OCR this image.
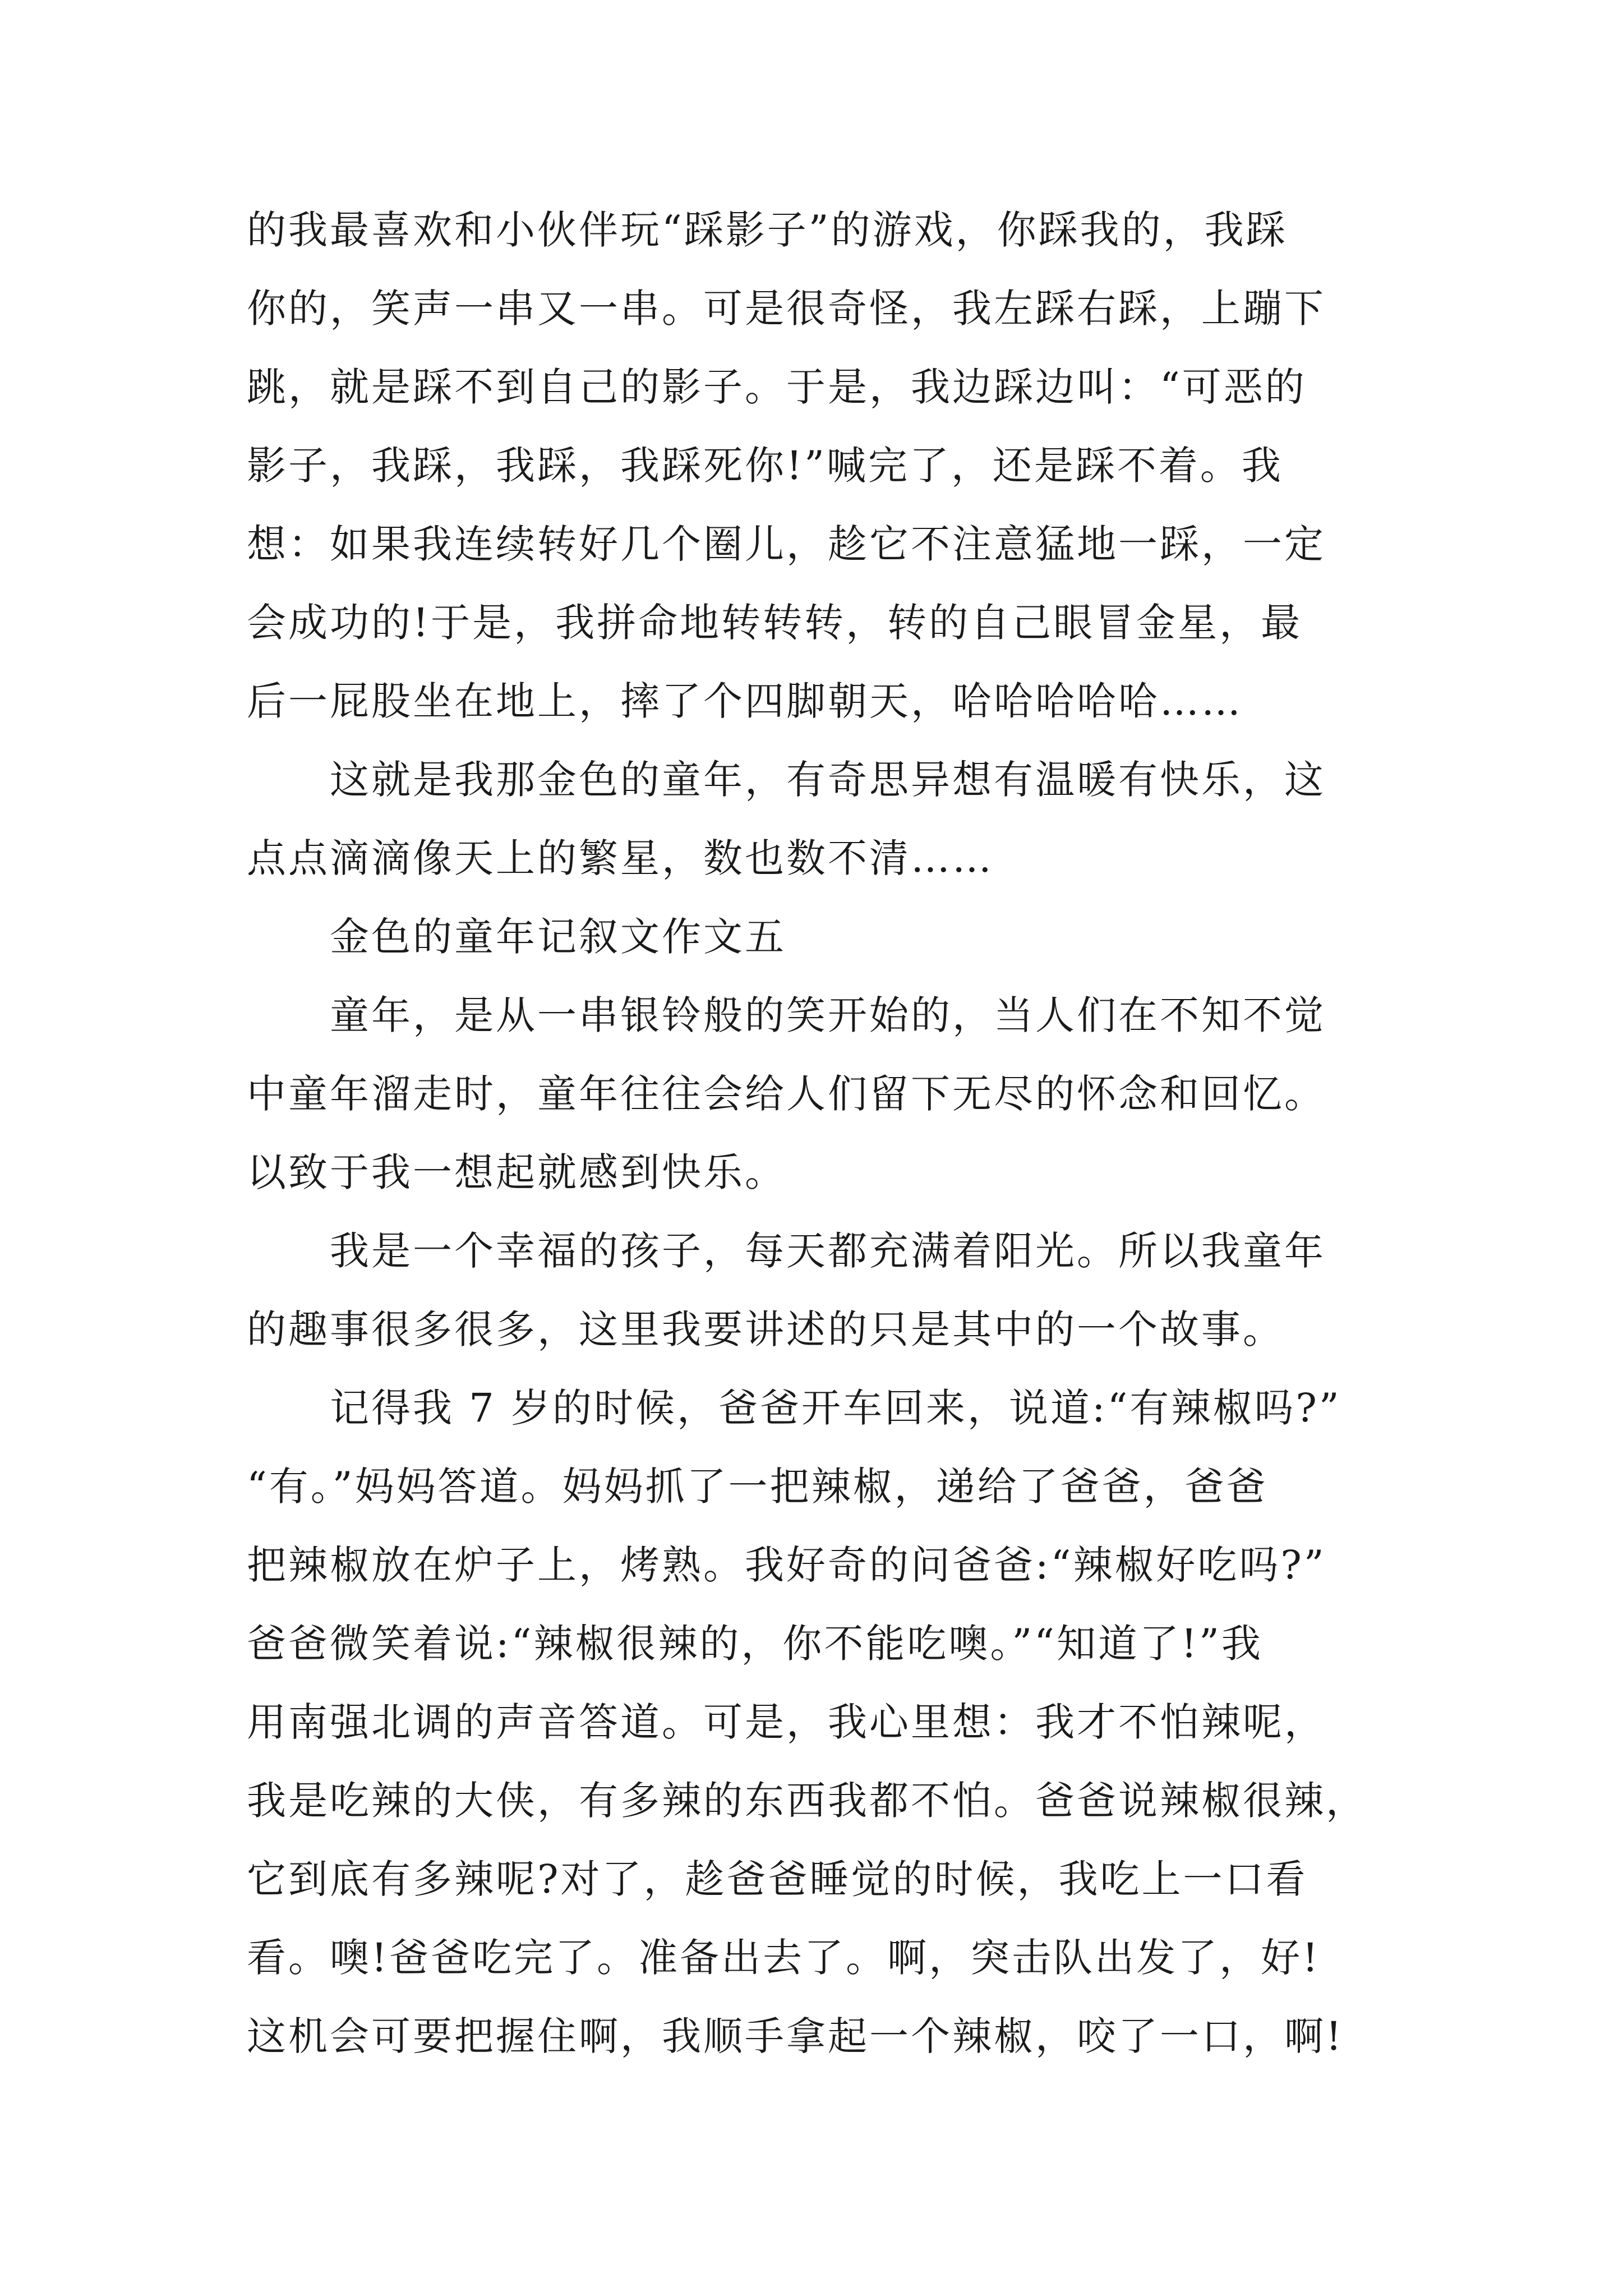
的我最喜欢和小伙伴玩“踩影子”的游戏，你踩我的，我踩
你的，笑声一串又一串。可是很奇怪，我左踩右踩，上蹦下
跳，就是踩不到自己的影子。于是，我边踩边叫：“可恶的
影子，我踩，我踩，我踩死你!”喊完了，还是踩不着。我
想：如果我连续转好几个圈儿，趁它不注意猛地一踩，一定
会成功的!于是，我拼命地转转转，转的自己眼冒金星，最
后一屁股坐在地上，摔了个四脚朝天，哈哈哈哈哈……
这就是我那金色的童年，有奇思异想有温暖有快乐，这
点点滴滴像天上的繁星，数也数不清……
金色的童年记叙文作文五
童年，是从一串银铃般的笑开始的，当人们在不知不觉
中童年溜走时，童年往往会给人们留下无尽的怀念和回忆。
以致于我一想起就感到快乐。
我是一个幸福的孩子，每天都充满着阳光。所以我童年
的趣事很多很多，这里我要讲述的只是其中的一个故事。
记得我 7 岁的时候，爸爸开车回来，说道:“有辣椒吗?”
“有。”妈妈答道。妈妈抓了一把辣椒，递给了爸爸，爸爸
把辣椒放在炉子上，烤熟。我好奇的问爸爸:“辣椒好吃吗?”
爸爸微笑着说:“辣椒很辣的，你不能吃噢。”“知道了!”我
用南强北调的声音答道。可是，我心里想：我才不怕辣呢，
我是吃辣的大侠，有多辣的东西我都不怕。爸爸说辣椒很辣，
它到底有多辣呢?对了，趁爸爸睡觉的时候，我吃上一口看
看。噢!爸爸吃完了。准备出去了。啊，突击队出发了，好!
这机会可要把握住啊，我顺手拿起一个辣椒，咬了一口，啊!
